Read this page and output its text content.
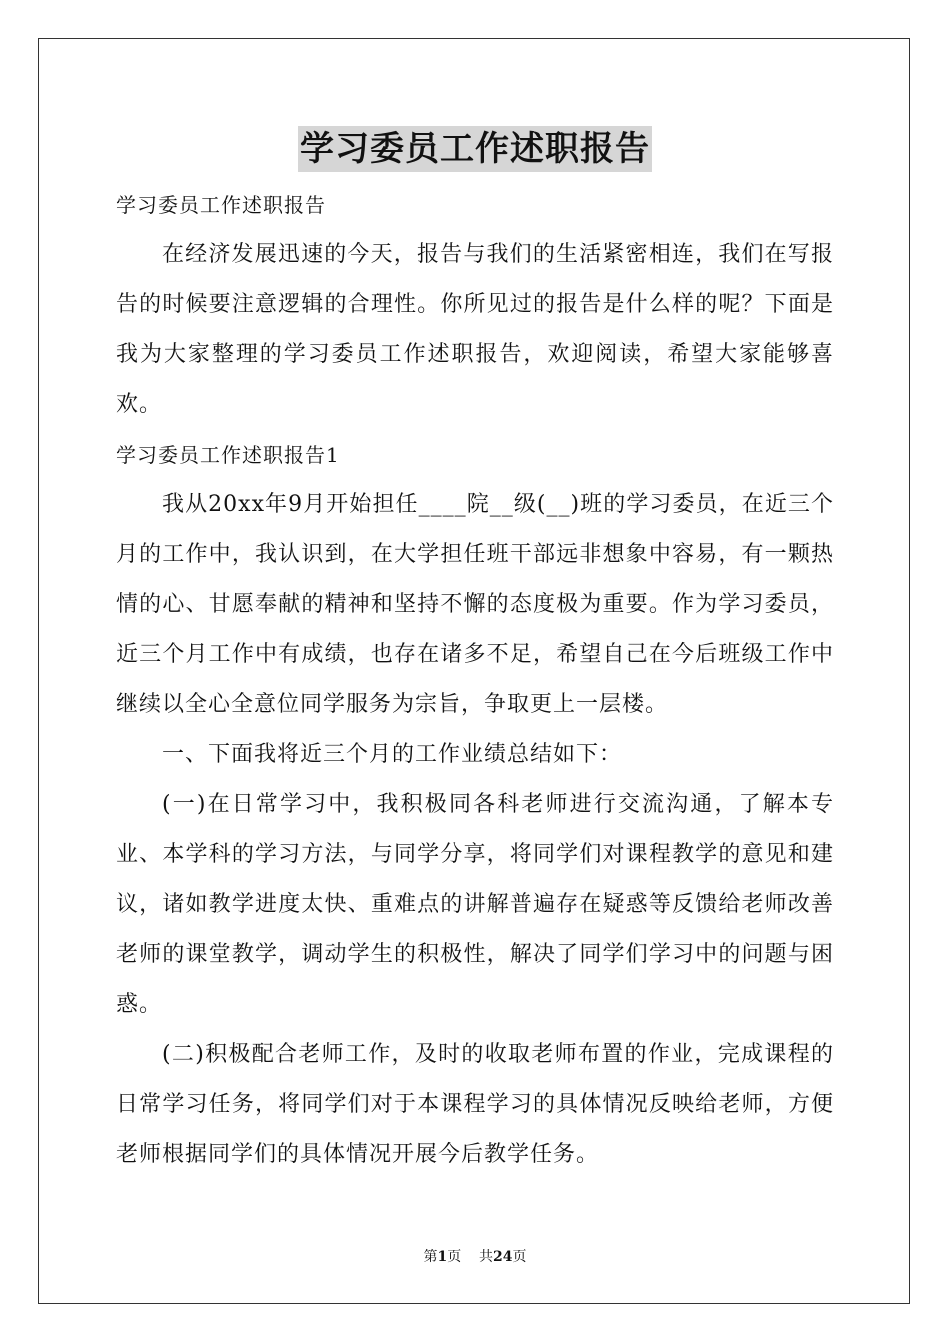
学习委员工作述职报告

学习委员工作述职报告

在经济发展迅速的今天，报告与我们的生活紧密相连，我们在写报告的时候要注意逻辑的合理性。你所见过的报告是什么样的呢？下面是我为大家整理的学习委员工作述职报告，欢迎阅读，希望大家能够喜欢。

学习委员工作述职报告1

我从20xx年9月开始担任____院__级(__)班的学习委员，在近三个月的工作中，我认识到，在大学担任班干部远非想象中容易，有一颗热情的心、甘愿奉献的精神和坚持不懈的态度极为重要。作为学习委员，近三个月工作中有成绩，也存在诸多不足，希望自己在今后班级工作中继续以全心全意位同学服务为宗旨，争取更上一层楼。

一、下面我将近三个月的工作业绩总结如下：

(一)在日常学习中，我积极同各科老师进行交流沟通，了解本专业、本学科的学习方法，与同学分享，将同学们对课程教学的意见和建议，诸如教学进度太快、重难点的讲解普遍存在疑惑等反馈给老师改善老师的课堂教学，调动学生的积极性，解决了同学们学习中的问题与困惑。

(二)积极配合老师工作，及时的收取老师布置的作业，完成课程的日常学习任务，将同学们对于本课程学习的具体情况反映给老师，方便老师根据同学们的具体情况开展今后教学任务。

第1页 共24页
